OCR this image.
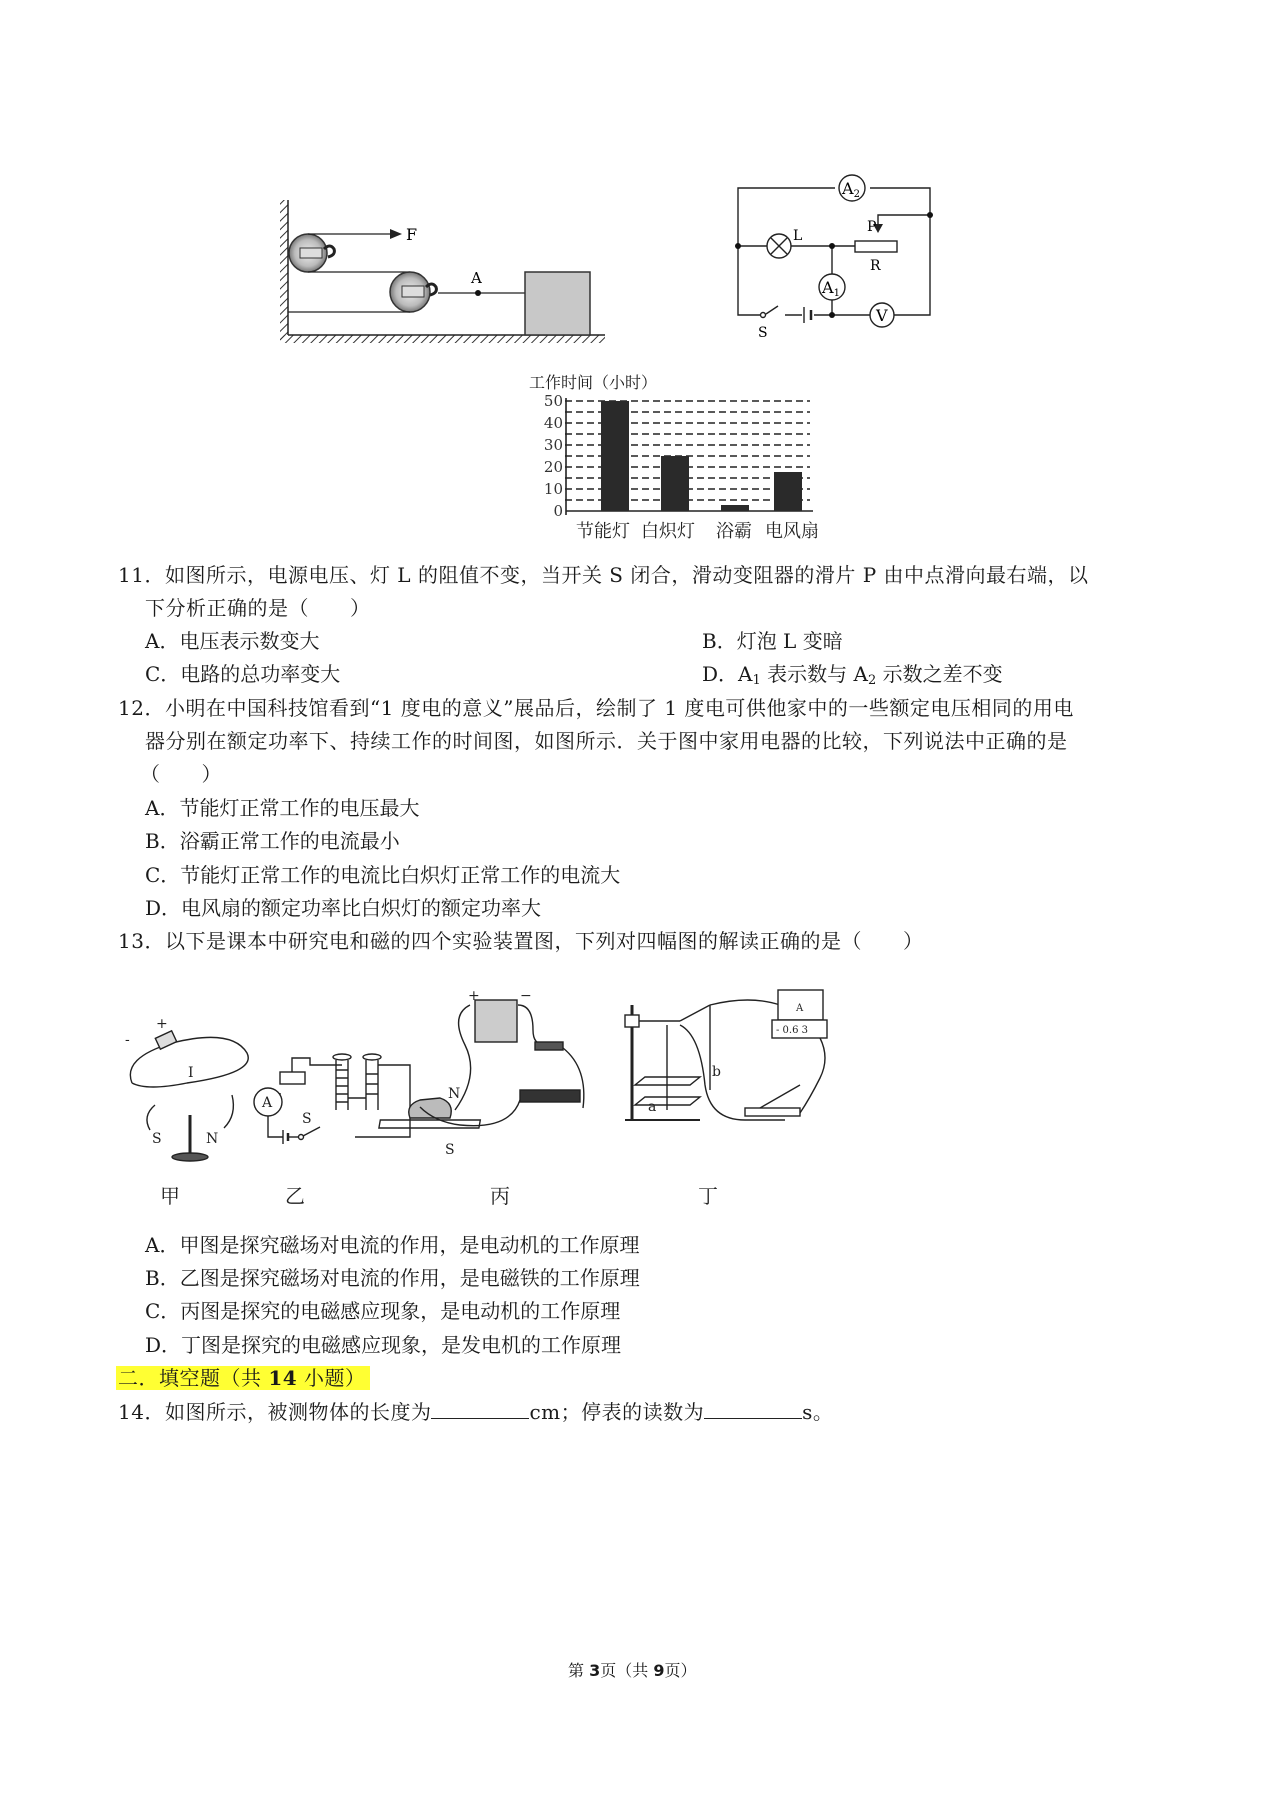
F
A
A2
A1
V
L
P
R
S
工作时间（小时）
50
40
30
20
10
0
节能灯 白炽灯 浴霸 电风扇
11．如图所示，电源电压、灯 L 的阻值不变，当开关 S 闭合，滑动变阻器的滑片 P 由中点滑向最右端，以
下分析正确的是（　　）
A．电压表示数变大	B．灯泡 L 变暗
C．电路的总功率变大	D．$A_1$ 表示数与 $A_2$ 示数之差不变
12．小明在中国科技馆看到“1 度电的意义”展品后，绘制了 1 度电可供他家中的一些额定电压相同的用电
器分别在额定功率下、持续工作的时间图，如图所示．关于图中家用电器的比较，下列说法中正确的是
（　　）
A．节能灯正常工作的电压最大
B．浴霸正常工作的电流最小
C．节能灯正常工作的电流比白炽灯正常工作的电流大
D．电风扇的额定功率比白炽灯的额定功率大
13．以下是课本中研究电和磁的四个实验装置图，下列对四幅图的解读正确的是（　　）
I
-
+
S	N
A
S
N
S
+	−
a
b
A
- 0.6 3
甲	乙	丙	丁
A．甲图是探究磁场对电流的作用，是电动机的工作原理
B．乙图是探究磁场对电流的作用，是电磁铁的工作原理
C．丙图是探究的电磁感应现象，是电动机的工作原理
D．丁图是探究的电磁感应现象，是发电机的工作原理
二．填空题（共 14 小题）
14．如图所示，被测物体的长度为	cm；停表的读数为	s。
第 3页（共 9页）
